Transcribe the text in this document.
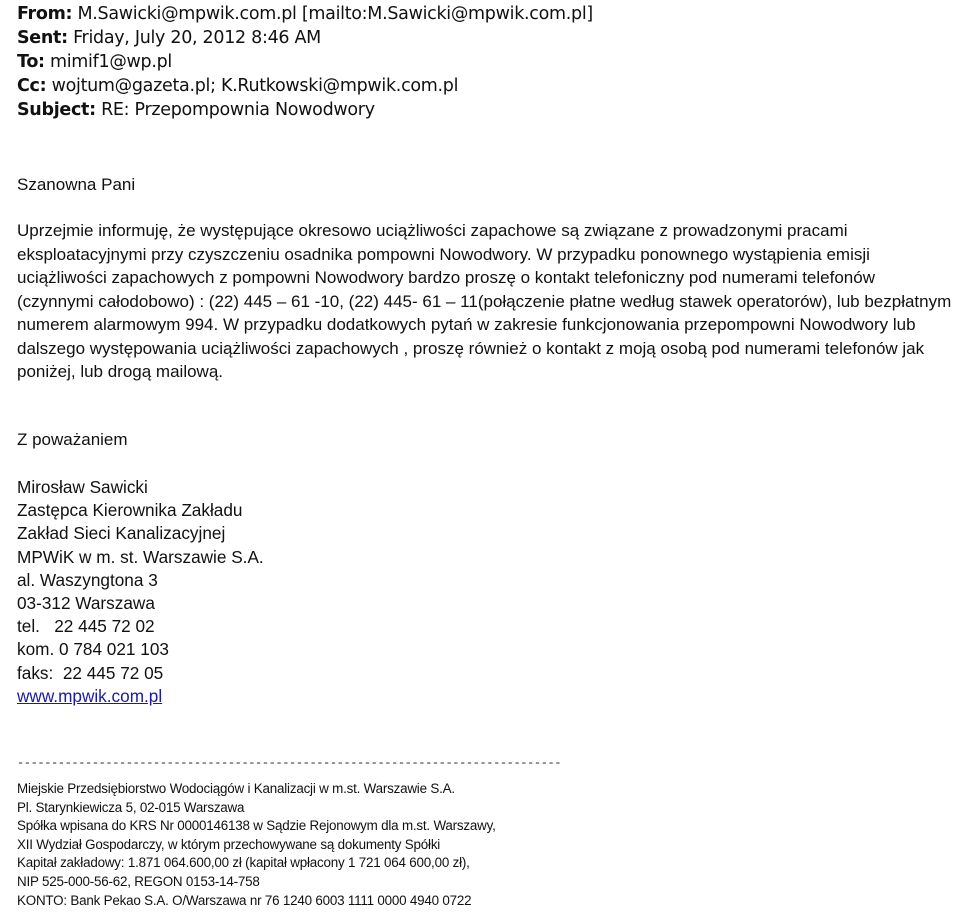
From: M.Sawicki@mpwik.com.pl [mailto:M.Sawicki@mpwik.com.pl]
Sent: Friday, July 20, 2012 8:46 AM
To: mimif1@wp.pl
Cc: wojtum@gazeta.pl; K.Rutkowski@mpwik.com.pl
Subject: RE: Przepompownia Nowodwory

Szanowna Pani

Uprzejmie informuję, że występujące okresowo uciążliwości zapachowe są związane z prowadzonymi pracami eksploatacyjnymi przy czyszczeniu osadnika pompowni Nowodwory. W przypadku ponownego wystąpienia emisji uciążliwości zapachowych z pompowni Nowodwory bardzo proszę o kontakt telefoniczny pod numerami telefonów (czynnymi całodobowo) : (22) 445 – 61 -10, (22) 445- 61 – 11(połączenie płatne według stawek operatorów), lub bezpłatnym numerem alarmowym 994. W przypadku dodatkowych pytań w zakresie funkcjonowania przepompowni Nowodwory lub dalszego występowania uciążliwości zapachowych , proszę również o kontakt z moją osobą pod numerami telefonów jak poniżej, lub drogą mailową.

Z poważaniem

Mirosław Sawicki
Zastępca Kierownika Zakładu
Zakład Sieci Kanalizacyjnej
MPWiK w m. st. Warszawie S.A.
al. Waszyngtona 3
03-312 Warszawa
tel.   22 445 72 02
kom. 0 784 021 103
faks:  22 445 72 05
www.mpwik.com.pl
--------------------------------------------------------------------------------
Miejskie Przedsiębiorstwo Wodociągów i Kanalizacji w m.st. Warszawie S.A.
Pl. Starynkiewicza 5, 02-015 Warszawa
Spółka wpisana do KRS Nr 0000146138 w Sądzie Rejonowym dla m.st. Warszawy,
XII Wydział Gospodarczy, w którym przechowywane są dokumenty Spółki
Kapitał zakładowy: 1.871 064.600,00 zł (kapitał wpłacony 1 721 064 600,00 zł),
NIP 525-000-56-62, REGON 0153-14-758
KONTO: Bank Pekao S.A. O/Warszawa nr 76 1240 6003 1111 0000 4940 0722
